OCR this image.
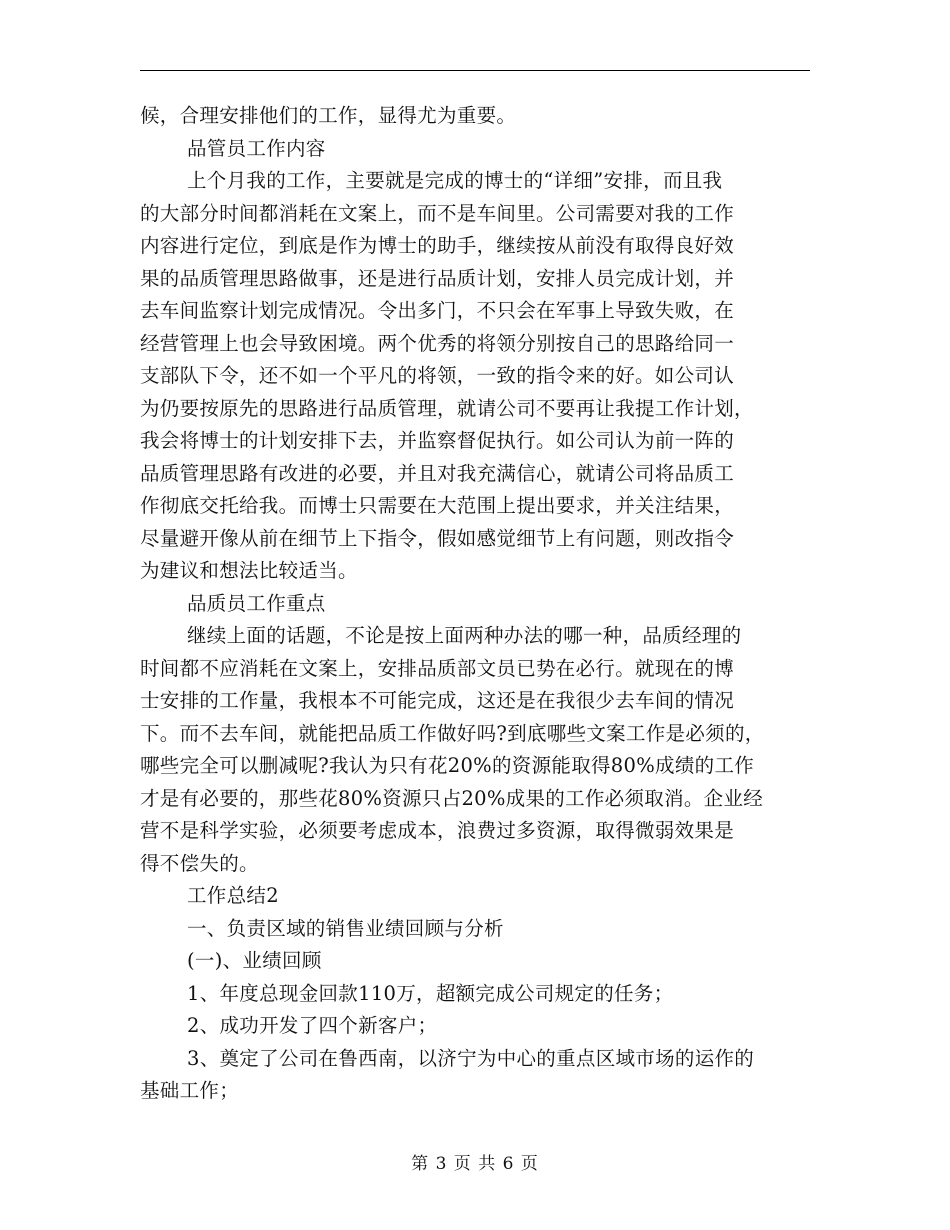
候，合理安排他们的工作，显得尤为重要。
品管员工作内容
上个月我的工作，主要就是完成的博士的“详细”安排，而且我
的大部分时间都消耗在文案上，而不是车间里。公司需要对我的工作
内容进行定位，到底是作为博士的助手，继续按从前没有取得良好效
果的品质管理思路做事，还是进行品质计划，安排人员完成计划，并
去车间监察计划完成情况。令出多门，不只会在军事上导致失败，在
经营管理上也会导致困境。两个优秀的将领分别按自己的思路给同一
支部队下令，还不如一个平凡的将领，一致的指令来的好。如公司认
为仍要按原先的思路进行品质管理，就请公司不要再让我提工作计划，
我会将博士的计划安排下去，并监察督促执行。如公司认为前一阵的
品质管理思路有改进的必要，并且对我充满信心，就请公司将品质工
作彻底交托给我。而博士只需要在大范围上提出要求，并关注结果，
尽量避开像从前在细节上下指令，假如感觉细节上有问题，则改指令
为建议和想法比较适当。
品质员工作重点
继续上面的话题，不论是按上面两种办法的哪一种，品质经理的
时间都不应消耗在文案上，安排品质部文员已势在必行。就现在的博
士安排的工作量，我根本不可能完成，这还是在我很少去车间的情况
下。而不去车间，就能把品质工作做好吗?到底哪些文案工作是必须的，
哪些完全可以删减呢?我认为只有花20%的资源能取得80%成绩的工作
才是有必要的，那些花80%资源只占20%成果的工作必须取消。企业经
营不是科学实验，必须要考虑成本，浪费过多资源，取得微弱效果是
得不偿失的。
工作总结2
一、负责区域的销售业绩回顾与分析
(一)、业绩回顾
1、年度总现金回款110万，超额完成公司规定的任务；
2、成功开发了四个新客户；
3、奠定了公司在鲁西南，以济宁为中心的重点区域市场的运作的
基础工作；
第 3 页 共 6 页
